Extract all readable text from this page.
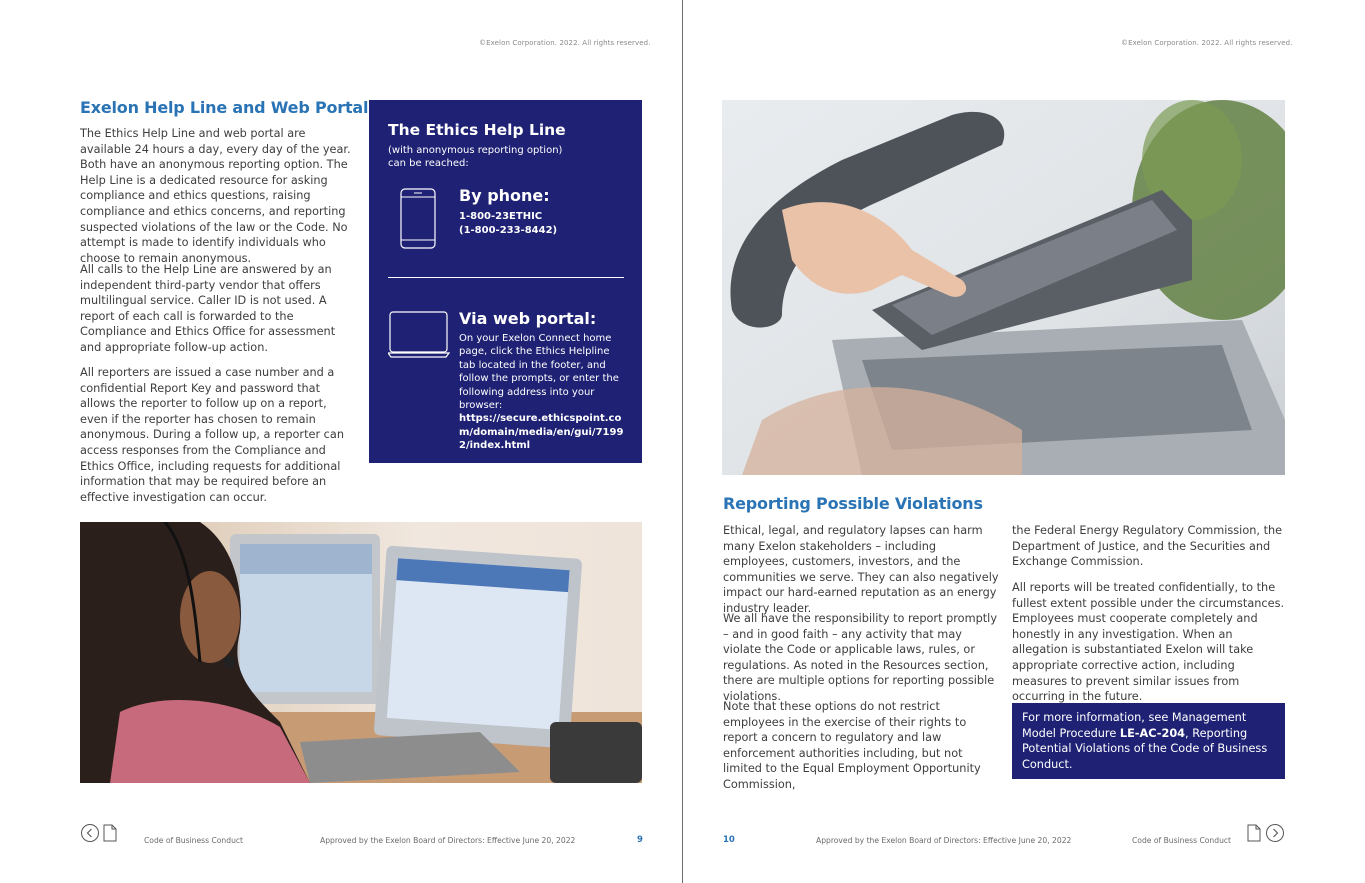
©Exelon Corporation. 2022. All rights reserved.	©Exelon Corporation. 2022. All rights reserved.
Exelon Help Line and Web Portal

The Ethics Help Line and web portal are available 24 hours a day, every day of the year. Both have an anonymous reporting option. The Help Line is a dedicated resource for asking compliance and ethics questions, raising compliance and ethics concerns, and reporting suspected violations of the law or the Code. No attempt is made to identify individuals who choose to remain anonymous.

All calls to the Help Line are answered by an independent third-party vendor that offers multilingual service. Caller ID is not used. A report of each call is forwarded to the Compliance and Ethics Office for assessment and appropriate follow-up action.

All reporters are issued a case number and a confidential Report Key and password that allows the reporter to follow up on a report, even if the reporter has chosen to remain anonymous. During a follow up, a reporter can access responses from the Compliance and Ethics Office, including requests for additional information that may be required before an effective investigation can occur.

The Ethics Help Line
(with anonymous reporting option) can be reached:
By phone:
1-800-23ETHIC
(1-800-233-8442)
Via web portal:
On your Exelon Connect home page, click the Ethics Helpline tab located in the footer, and follow the prompts, or enter the following address into your browser: https://secure.ethicspoint.com/domain/media/en/gui/71992/index.html
Code of Business Conduct	Approved by the Exelon Board of Directors: Effective June 20, 2022	9
Reporting Possible Violations

Ethical, legal, and regulatory lapses can harm many Exelon stakeholders – including employees, customers, investors, and the communities we serve. They can also negatively impact our hard-earned reputation as an energy industry leader.

We all have the responsibility to report promptly – and in good faith – any activity that may violate the Code or applicable laws, rules, or regulations. As noted in the Resources section, there are multiple options for reporting possible violations.

Note that these options do not restrict employees in the exercise of their rights to report a concern to regulatory and law enforcement authorities including, but not limited to the Equal Employment Opportunity Commission,

the Federal Energy Regulatory Commission, the Department of Justice, and the Securities and Exchange Commission.

All reports will be treated confidentially, to the fullest extent possible under the circumstances. Employees must cooperate completely and honestly in any investigation. When an allegation is substantiated Exelon will take appropriate corrective action, including measures to prevent similar issues from occurring in the future.

For more information, see Management Model Procedure LE-AC-204, Reporting Potential Violations of the Code of Business Conduct.
10	Approved by the Exelon Board of Directors: Effective June 20, 2022	Code of Business Conduct
